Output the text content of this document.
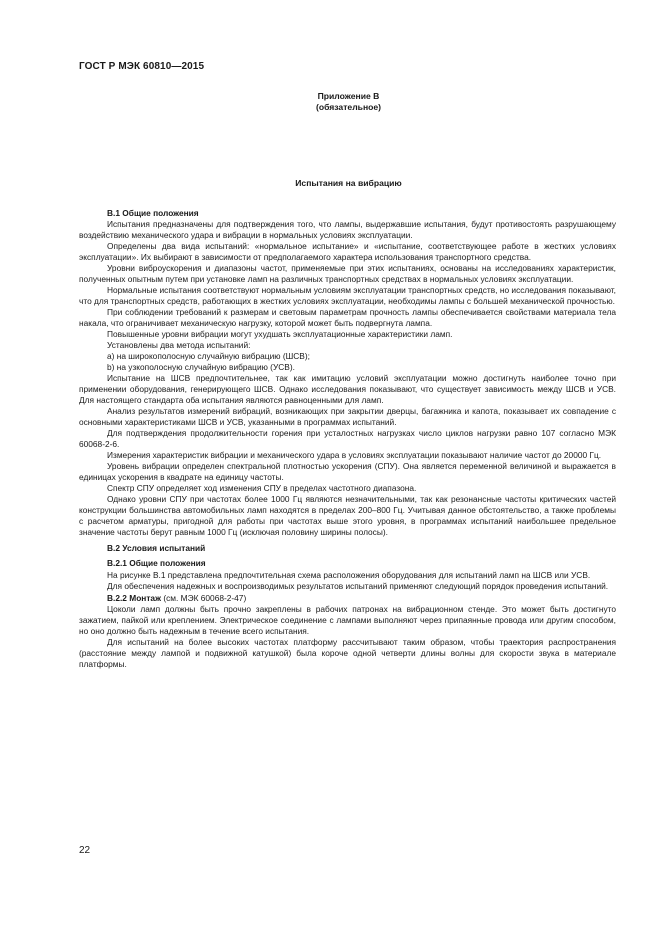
ГОСТ Р МЭК 60810—2015
Приложение В
(обязательное)
Испытания на вибрацию

В.1 Общие положения

Испытания предназначены для подтверждения того, что лампы, выдержавшие испытания, будут противостоять разрушающему воздействию механического удара и вибрации в нормальных условиях эксплуатации.

Определены два вида испытаний: «нормальное испытание» и «испытание, соответствующее работе в жестких условиях эксплуатации». Их выбирают в зависимости от предполагаемого характера использования транспортного средства.

Уровни виброускорения и диапазоны частот, применяемые при этих испытаниях, основаны на исследованиях характеристик, полученных опытным путем при установке ламп на различных транспортных средствах в нормальных условиях эксплуатации.

Нормальные испытания соответствуют нормальным условиям эксплуатации транспортных средств, но исследования показывают, что для транспортных средств, работающих в жестких условиях эксплуатации, необходимы лампы с большей механической прочностью.

При соблюдении требований к размерам и световым параметрам прочность лампы обеспечивается свойствами материала тела накала, что ограничивает механическую нагрузку, которой может быть подвергнута лампа.

Повышенные уровни вибрации могут ухудшать эксплуатационные характеристики ламп.

Установлены два метода испытаний:

a) на широкополосную случайную вибрацию (ШСВ);

b) на узкополосную случайную вибрацию (УСВ).

Испытание на ШСВ предпочтительнее, так как имитацию условий эксплуатации можно достигнуть наиболее точно при применении оборудования, генерирующего ШСВ. Однако исследования показывают, что существует зависимость между ШСВ и УСВ. Для настоящего стандарта оба испытания являются равноценными для ламп.

Анализ результатов измерений вибраций, возникающих при закрытии дверцы, багажника и капота, показывает их совпадение с основными характеристиками ШСВ и УСВ, указанными в программах испытаний.

Для подтверждения продолжительности горения при усталостных нагрузках число циклов нагрузки равно 107 согласно МЭК 60068-2-6.

Измерения характеристик вибрации и механического удара в условиях эксплуатации показывают наличие частот до 20000 Гц.

Уровень вибрации определен спектральной плотностью ускорения (СПУ). Она является переменной величиной и выражается в единицах ускорения в квадрате на единицу частоты.

Спектр СПУ определяет ход изменения СПУ в пределах частотного диапазона.

Однако уровни СПУ при частотах более 1000 Гц являются незначительными, так как резонансные частоты критических частей конструкции большинства автомобильных ламп находятся в пределах 200–800 Гц. Учитывая данное обстоятельство, а также проблемы с расчетом арматуры, пригодной для работы при частотах выше этого уровня, в программах испытаний наибольшее предельное значение частоты берут равным 1000 Гц (исключая половину ширины полосы).

В.2 Условия испытаний

В.2.1 Общие положения

На рисунке В.1 представлена предпочтительная схема расположения оборудования для испытаний ламп на ШСВ или УСВ.

Для обеспечения надежных и воспроизводимых результатов испытаний применяют следующий порядок проведения испытаний.

В.2.2 Монтаж (см. МЭК 60068-2-47)

Цоколи ламп должны быть прочно закреплены в рабочих патронах на вибрационном стенде. Это может быть достигнуто зажатием, пайкой или креплением. Электрическое соединение с лампами выполняют через припаянные провода или другим способом, но оно должно быть надежным в течение всего испытания.

Для испытаний на более высоких частотах платформу рассчитывают таким образом, чтобы траектория распространения (расстояние между лампой и подвижной катушкой) была короче одной четверти длины волны для скорости звука в материале платформы.

22
